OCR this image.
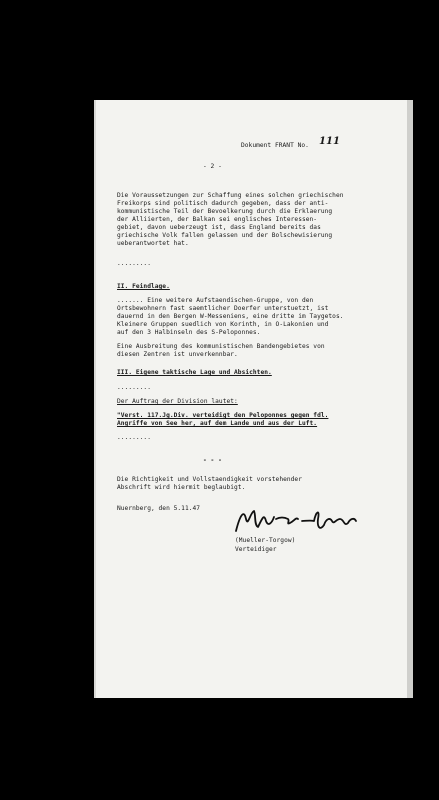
Dokument FRANT No. 111
- 2 -
Die Voraussetzungen zur Schaffung eines solchen griechischen
Freikorps sind politisch dadurch gegeben, dass der anti-
kommunistische Teil der Bevoelkerung durch die Erklaerung
der Alliierten, der Balkan sei englisches Interessen-
gebiet, davon ueberzeugt ist, dass England bereits das
griechische Volk fallen gelassen und der Bolschewisierung
ueberantwortet hat.
.........
II. Feindlage.
....... Eine weitere Aufstaendischen-Gruppe, von den
Ortsbewohnern fast saemtlicher Doerfer unterstuetzt, ist
dauernd in den Bergen W-Messeniens, eine dritte im Taygetos.
Kleinere Gruppen suedlich von Korinth, in O-Lakonien und
auf den 3 Halbinseln des S-Peloponnes.
Eine Ausbreitung des kommunistischen Bandengebietes von
diesen Zentren ist unverkennbar.
III. Eigene taktische Lage und Absichten.
.........
Der Auftrag der Division lautet:
"Verst. 117.Jg.Div. verteidigt den Peloponnes gegen fdl.
Angriffe von See her, auf dem Lande und aus der Luft.
.........
- - -
Die Richtigkeit und Vollstaendigkeit vorstehender
Abschrift wird hiermit beglaubigt.
Nuernberg, den 5.11.47
(Mueller-Torgow)
Verteidiger
